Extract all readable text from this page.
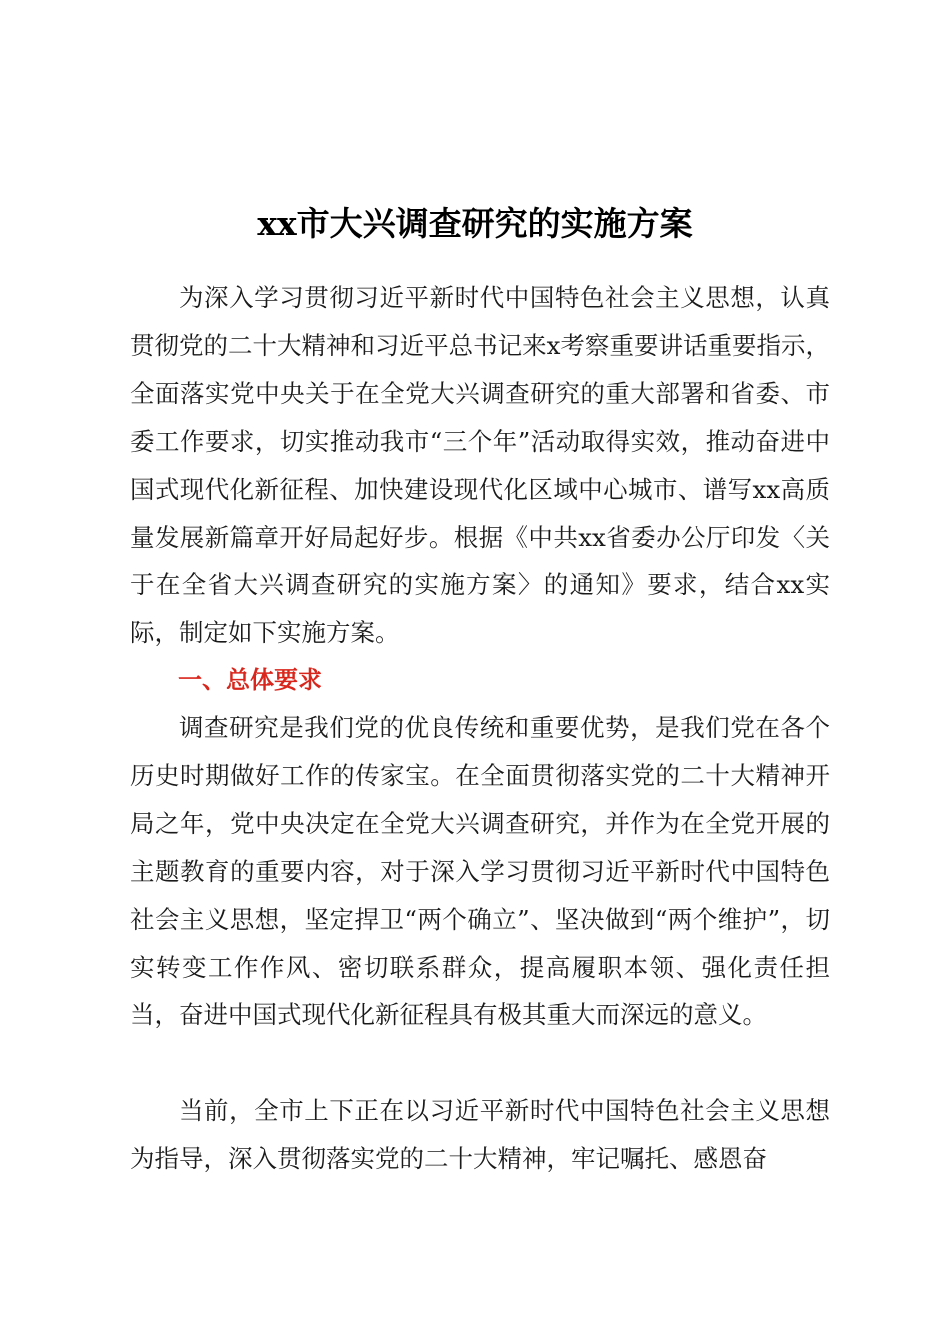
xx市大兴调查研究的实施方案

为深入学习贯彻习近平新时代中国特色社会主义思想，认真贯彻党的二十大精神和习近平总书记来x考察重要讲话重要指示，全面落实党中央关于在全党大兴调查研究的重大部署和省委、市委工作要求，切实推动我市“三个年”活动取得实效，推动奋进中国式现代化新征程、加快建设现代化区域中心城市、谱写xx高质量发展新篇章开好局起好步。根据《中共xx省委办公厅印发〈关于在全省大兴调查研究的实施方案〉的通知》要求，结合xx实际，制定如下实施方案。

一、总体要求

调查研究是我们党的优良传统和重要优势，是我们党在各个历史时期做好工作的传家宝。在全面贯彻落实党的二十大精神开局之年，党中央决定在全党大兴调查研究，并作为在全党开展的主题教育的重要内容，对于深入学习贯彻习近平新时代中国特色社会主义思想，坚定捍卫“两个确立”、坚决做到“两个维护”，切实转变工作作风、密切联系群众，提高履职本领、强化责任担当，奋进中国式现代化新征程具有极其重大而深远的意义。

当前，全市上下正在以习近平新时代中国特色社会主义思想为指导，深入贯彻落实党的二十大精神，牢记嘱托、感恩奋
